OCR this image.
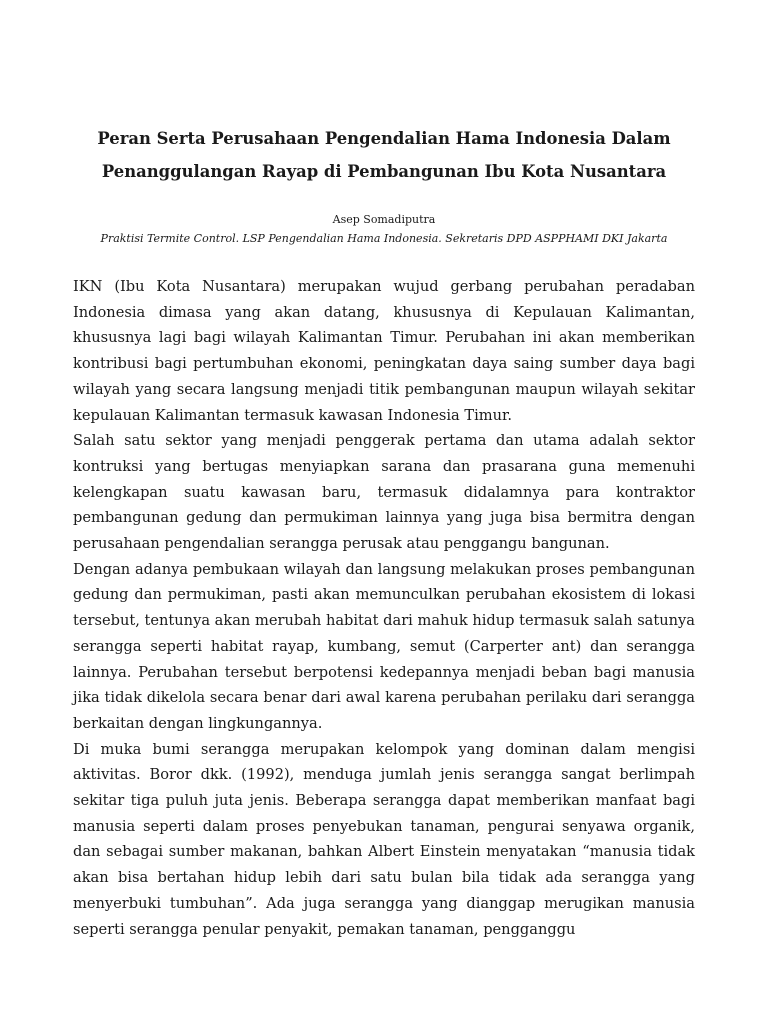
Peran Serta Perusahaan Pengendalian Hama Indonesia Dalam
Penanggulangan Rayap di Pembangunan Ibu Kota Nusantara
Asep Somadiputra
Praktisi Termite Control. LSP Pengendalian Hama Indonesia. Sekretaris DPD ASPPHAMI DKI Jakarta

IKN (Ibu Kota Nusantara) merupakan wujud gerbang perubahan peradaban Indonesia dimasa yang akan datang, khususnya di Kepulauan Kalimantan, khususnya lagi bagi wilayah Kalimantan Timur. Perubahan ini akan memberikan kontribusi bagi pertumbuhan ekonomi, peningkatan daya saing sumber daya bagi wilayah yang secara langsung menjadi titik pembangunan maupun wilayah sekitar kepulauan Kalimantan termasuk kawasan Indonesia Timur.

Salah satu sektor yang menjadi penggerak pertama dan utama adalah sektor kontruksi yang bertugas menyiapkan sarana dan prasarana guna memenuhi kelengkapan suatu kawasan baru, termasuk didalamnya para kontraktor pembangunan gedung dan permukiman lainnya yang juga bisa bermitra dengan perusahaan pengendalian serangga perusak atau penggangu bangunan.

Dengan adanya pembukaan wilayah dan langsung melakukan proses pembangunan gedung dan permukiman, pasti akan memunculkan perubahan ekosistem di lokasi tersebut, tentunya akan merubah habitat dari mahuk hidup termasuk salah satunya serangga seperti habitat rayap, kumbang, semut (Carperter ant) dan serangga lainnya. Perubahan tersebut berpotensi kedepannya menjadi beban bagi manusia jika tidak dikelola secara benar dari awal karena perubahan perilaku dari serangga berkaitan dengan lingkungannya.

Di muka bumi serangga merupakan kelompok yang dominan dalam mengisi aktivitas. Boror dkk. (1992), menduga jumlah jenis serangga sangat berlimpah sekitar tiga puluh juta jenis. Beberapa serangga dapat memberikan manfaat bagi manusia seperti dalam proses penyebukan tanaman, pengurai senyawa organik, dan sebagai sumber makanan, bahkan Albert Einstein menyatakan “manusia tidak akan bisa bertahan hidup lebih dari satu bulan bila tidak ada serangga yang menyerbuki tumbuhan”. Ada juga serangga yang dianggap merugikan manusia seperti serangga penular penyakit, pemakan tanaman, pengganggu
